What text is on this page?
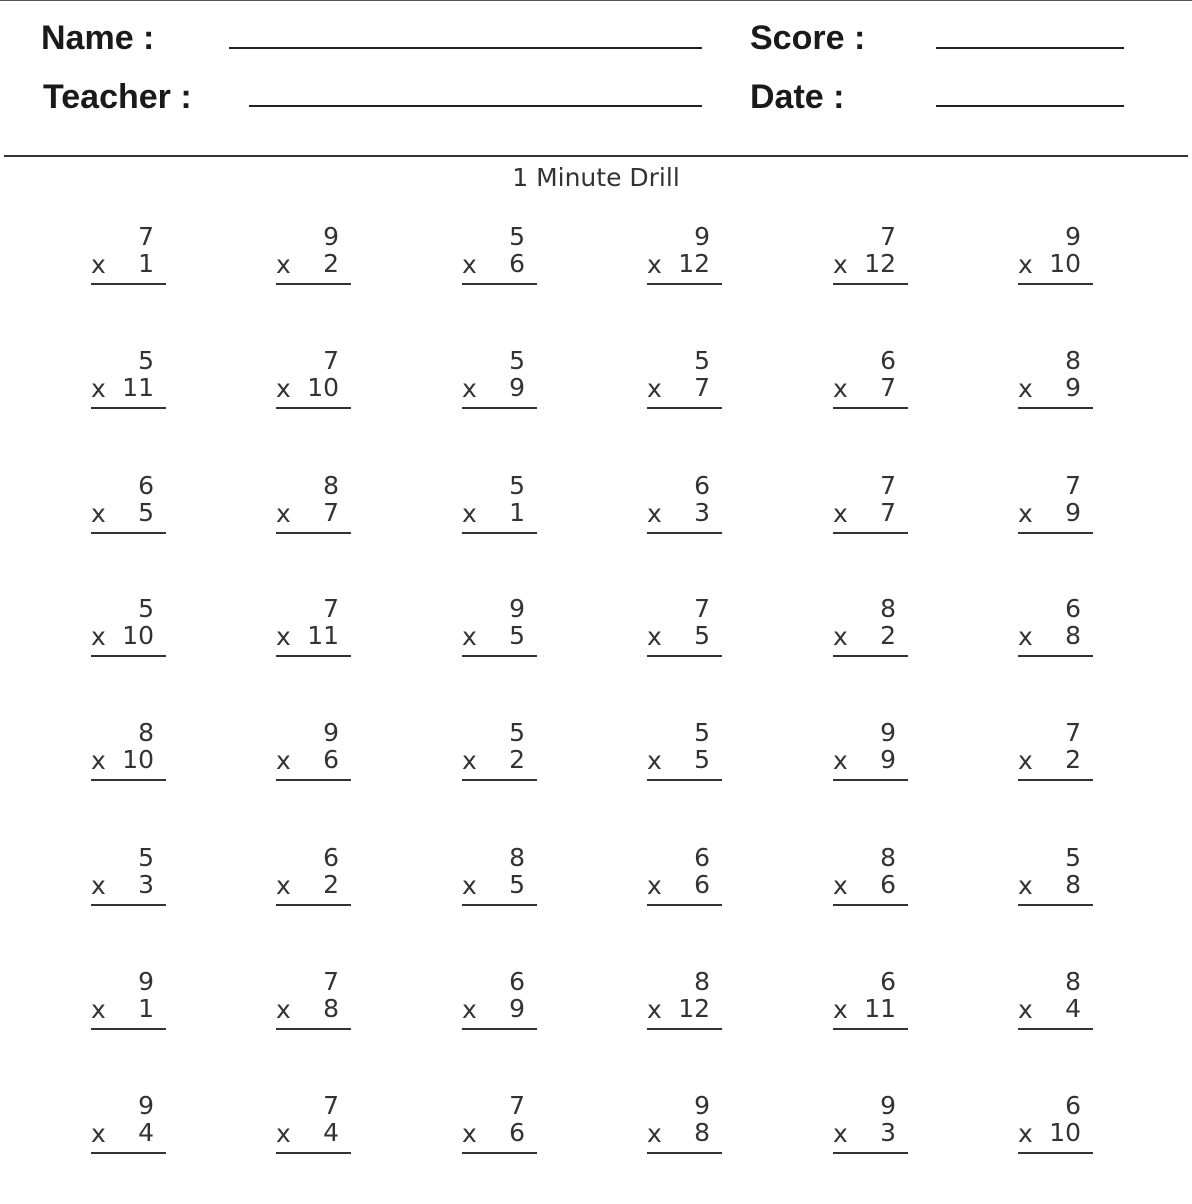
Name :	Score :
Teacher :	Date :
1 Minute Drill
7
x 1
9
x 2
5
x 6
9
x 12
7
x 12
9
x 10
5
x 11
7
x 10
5
x 9
5
x 7
6
x 7
8
x 9
6
x 5
8
x 7
5
x 1
6
x 3
7
x 7
7
x 9
5
x 10
7
x 11
9
x 5
7
x 5
8
x 2
6
x 8
8
x 10
9
x 6
5
x 2
5
x 5
9
x 9
7
x 2
5
x 3
6
x 2
8
x 5
6
x 6
8
x 6
5
x 8
9
x 1
7
x 8
6
x 9
8
x 12
6
x 11
8
x 4
9
x 4
7
x 4
7
x 6
9
x 8
9
x 3
6
x 10
